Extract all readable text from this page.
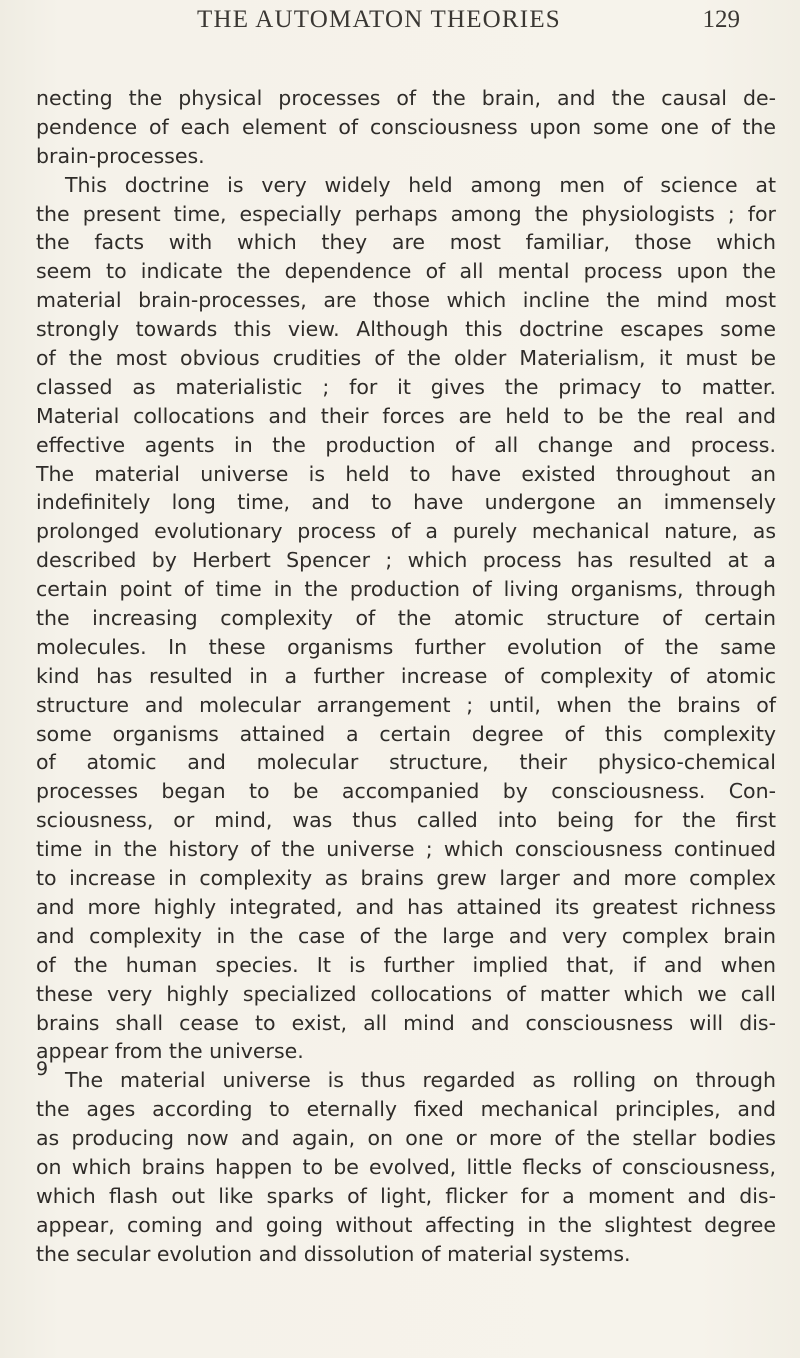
THE AUTOMATON THEORIES	129
necting the physical processes of the brain, and the causal de-
pendence of each element of consciousness upon some one of the
brain-processes.
This doctrine is very widely held among men of science at
the present time, especially perhaps among the physiologists ; for
the facts with which they are most familiar, those which
seem to indicate the dependence of all mental process upon the
material brain-processes, are those which incline the mind most
strongly towards this view. Although this doctrine escapes some
of the most obvious crudities of the older Materialism, it must be
classed as materialistic ; for it gives the primacy to matter.
Material collocations and their forces are held to be the real and
effective agents in the production of all change and process.
The material universe is held to have existed throughout an
indefinitely long time, and to have undergone an immensely
prolonged evolutionary process of a purely mechanical nature, as
described by Herbert Spencer ; which process has resulted at a
certain point of time in the production of living organisms, through
the increasing complexity of the atomic structure of certain
molecules. In these organisms further evolution of the same
kind has resulted in a further increase of complexity of atomic
structure and molecular arrangement ; until, when the brains of
some organisms attained a certain degree of this complexity
of atomic and molecular structure, their physico-chemical
processes began to be accompanied by consciousness. Con-
sciousness, or mind, was thus called into being for the first
time in the history of the universe ; which consciousness continued
to increase in complexity as brains grew larger and more complex
and more highly integrated, and has attained its greatest richness
and complexity in the case of the large and very complex brain
of the human species. It is further implied that, if and when
these very highly specialized collocations of matter which we call
brains shall cease to exist, all mind and consciousness will dis-
appear from the universe.
The material universe is thus regarded as rolling on through
the ages according to eternally fixed mechanical principles, and
as producing now and again, on one or more of the stellar bodies
on which brains happen to be evolved, little flecks of consciousness,
which flash out like sparks of light, flicker for a moment and dis-
appear, coming and going without affecting in the slightest degree
the secular evolution and dissolution of material systems.
9
